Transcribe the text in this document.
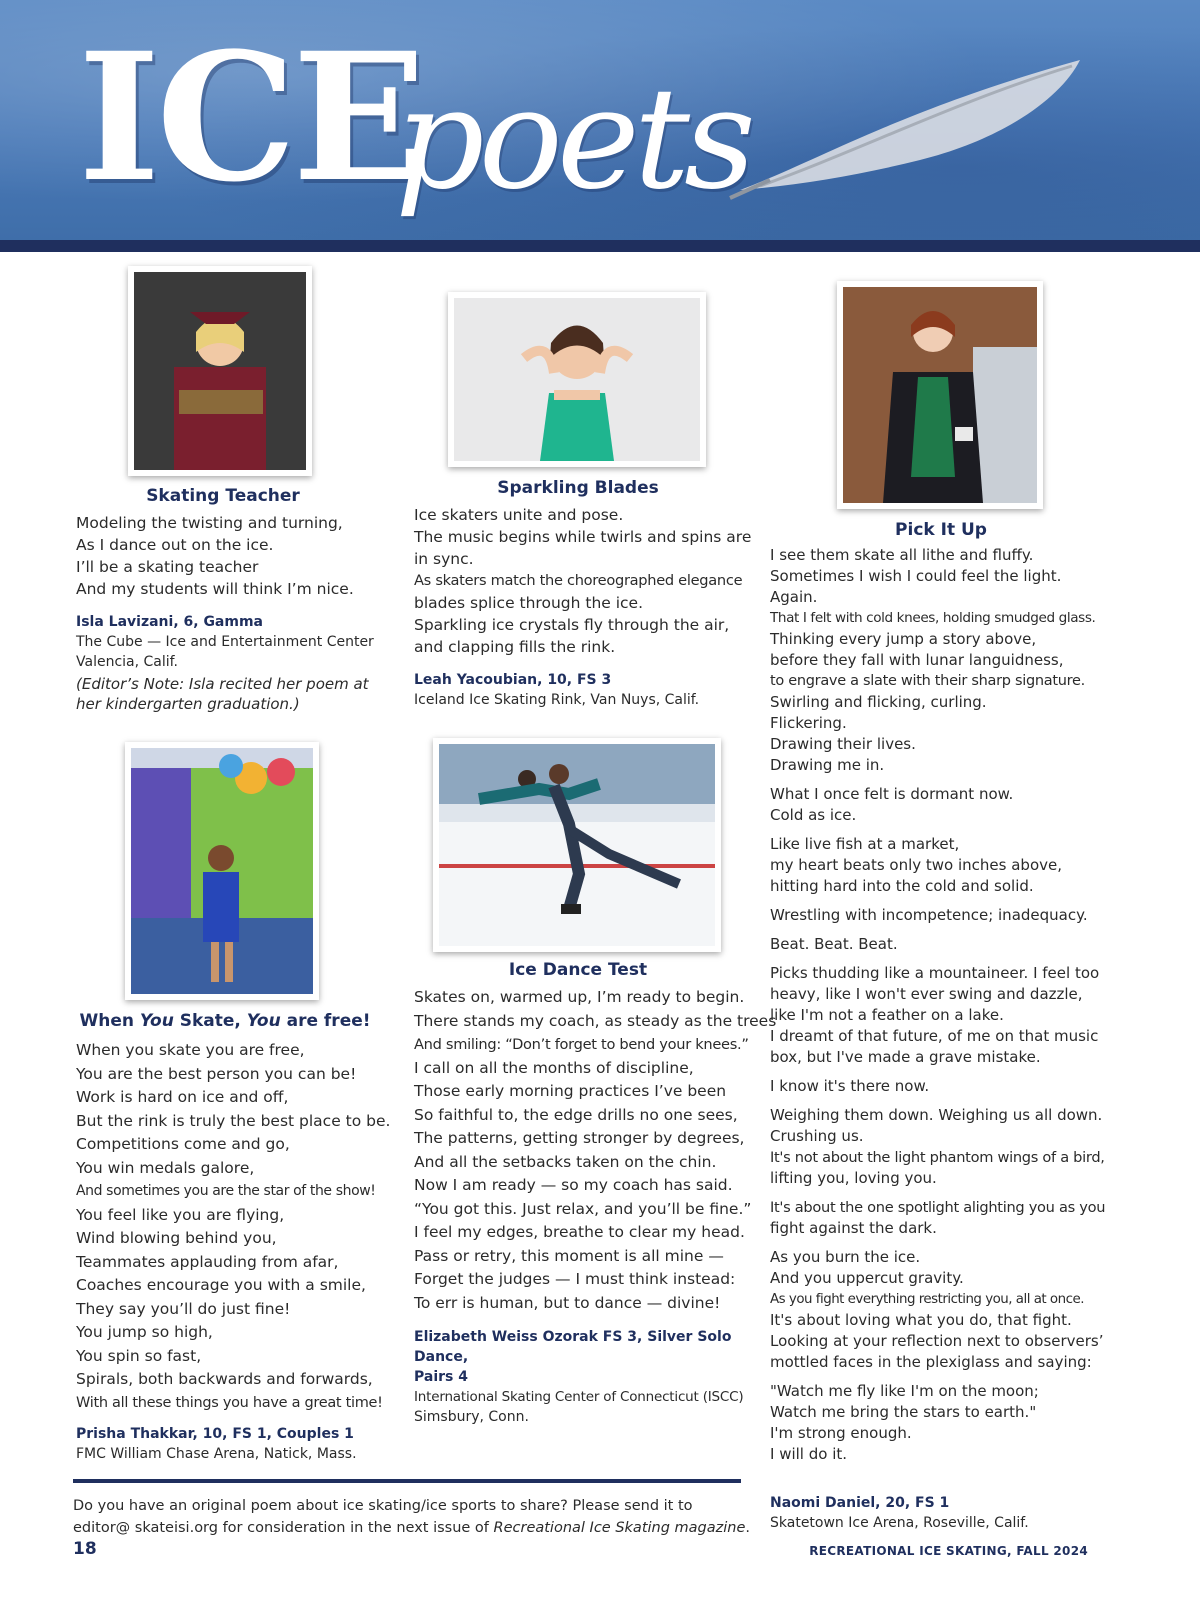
ICE
poets
Skating Teacher
Modeling the twisting and turning,
As I dance out on the ice.
I’ll be a skating teacher
And my students will think I’m nice.
Isla Lavizani, 6, Gamma
The Cube — Ice and Entertainment Center
Valencia, Calif.
(Editor’s Note: Isla recited her poem at her kindergarten graduation.)
When You Skate, You are free!
When you skate you are free,
You are the best person you can be!
Work is hard on ice and off,
But the rink is truly the best place to be.
Competitions come and go,
You win medals galore,
And sometimes you are the star of the show!
You feel like you are flying,
Wind blowing behind you,
Teammates applauding from afar,
Coaches encourage you with a smile,
They say you’ll do just fine!
You jump so high,
You spin so fast,
Spirals, both backwards and forwards,
With all these things you have a great time!
Prisha Thakkar, 10, FS 1, Couples 1
FMC William Chase Arena, Natick, Mass.
Sparkling Blades
Ice skaters unite and pose.
The music begins while twirls and spins are
in sync.
As skaters match the choreographed elegance
blades splice through the ice.
Sparkling ice crystals fly through the air,
and clapping fills the rink.
Leah Yacoubian, 10, FS 3
Iceland Ice Skating Rink, Van Nuys, Calif.
Ice Dance Test
Skates on, warmed up, I’m ready to begin.
There stands my coach, as steady as the trees
And smiling: “Don’t forget to bend your knees.”
I call on all the months of discipline,
Those early morning practices I’ve been
So faithful to, the edge drills no one sees,
The patterns, getting stronger by degrees,
And all the setbacks taken on the chin.
Now I am ready — so my coach has said.
“You got this. Just relax, and you’ll be fine.”
I feel my edges, breathe to clear my head.
Pass or retry, this moment is all mine —
Forget the judges — I must think instead:
To err is human, but to dance — divine!
Elizabeth Weiss Ozorak FS 3, Silver Solo Dance,
Pairs 4
International Skating Center of Connecticut (ISCC)
Simsbury, Conn.
Pick It Up
I see them skate all lithe and fluffy.
Sometimes I wish I could feel the light.
Again.
That I felt with cold knees, holding smudged glass.
Thinking every jump a story above,
before they fall with lunar languidness,
to engrave a slate with their sharp signature.
Swirling and flicking, curling.
Flickering.
Drawing their lives.
Drawing me in.
What I once felt is dormant now.
Cold as ice.
Like live fish at a market,
my heart beats only two inches above,
hitting hard into the cold and solid.
Wrestling with incompetence; inadequacy.
Beat. Beat. Beat.
Picks thudding like a mountaineer. I feel too
heavy, like I won't ever swing and dazzle,
like I'm not a feather on a lake.
I dreamt of that future, of me on that music
box, but I've made a grave mistake.
I know it's there now.
Weighing them down. Weighing us all down.
Crushing us.
It's not about the light phantom wings of a bird,
lifting you, loving you.
It's about the one spotlight alighting you as you
fight against the dark.
As you burn the ice.
And you uppercut gravity.
As you fight everything restricting you, all at once.
It's about loving what you do, that fight.
Looking at your reflection next to observers’
mottled faces in the plexiglass and saying:
"Watch me fly like I'm on the moon;
Watch me bring the stars to earth."
I'm strong enough.
I will do it.
Naomi Daniel, 20, FS 1
Skatetown Ice Arena, Roseville, Calif.
Do you have an original poem about ice skating/ice sports to share? Please send it to editor@ skateisi.org for consideration in the next issue of Recreational Ice Skating magazine.
18	RECREATIONAL ICE SKATING, FALL 2024
